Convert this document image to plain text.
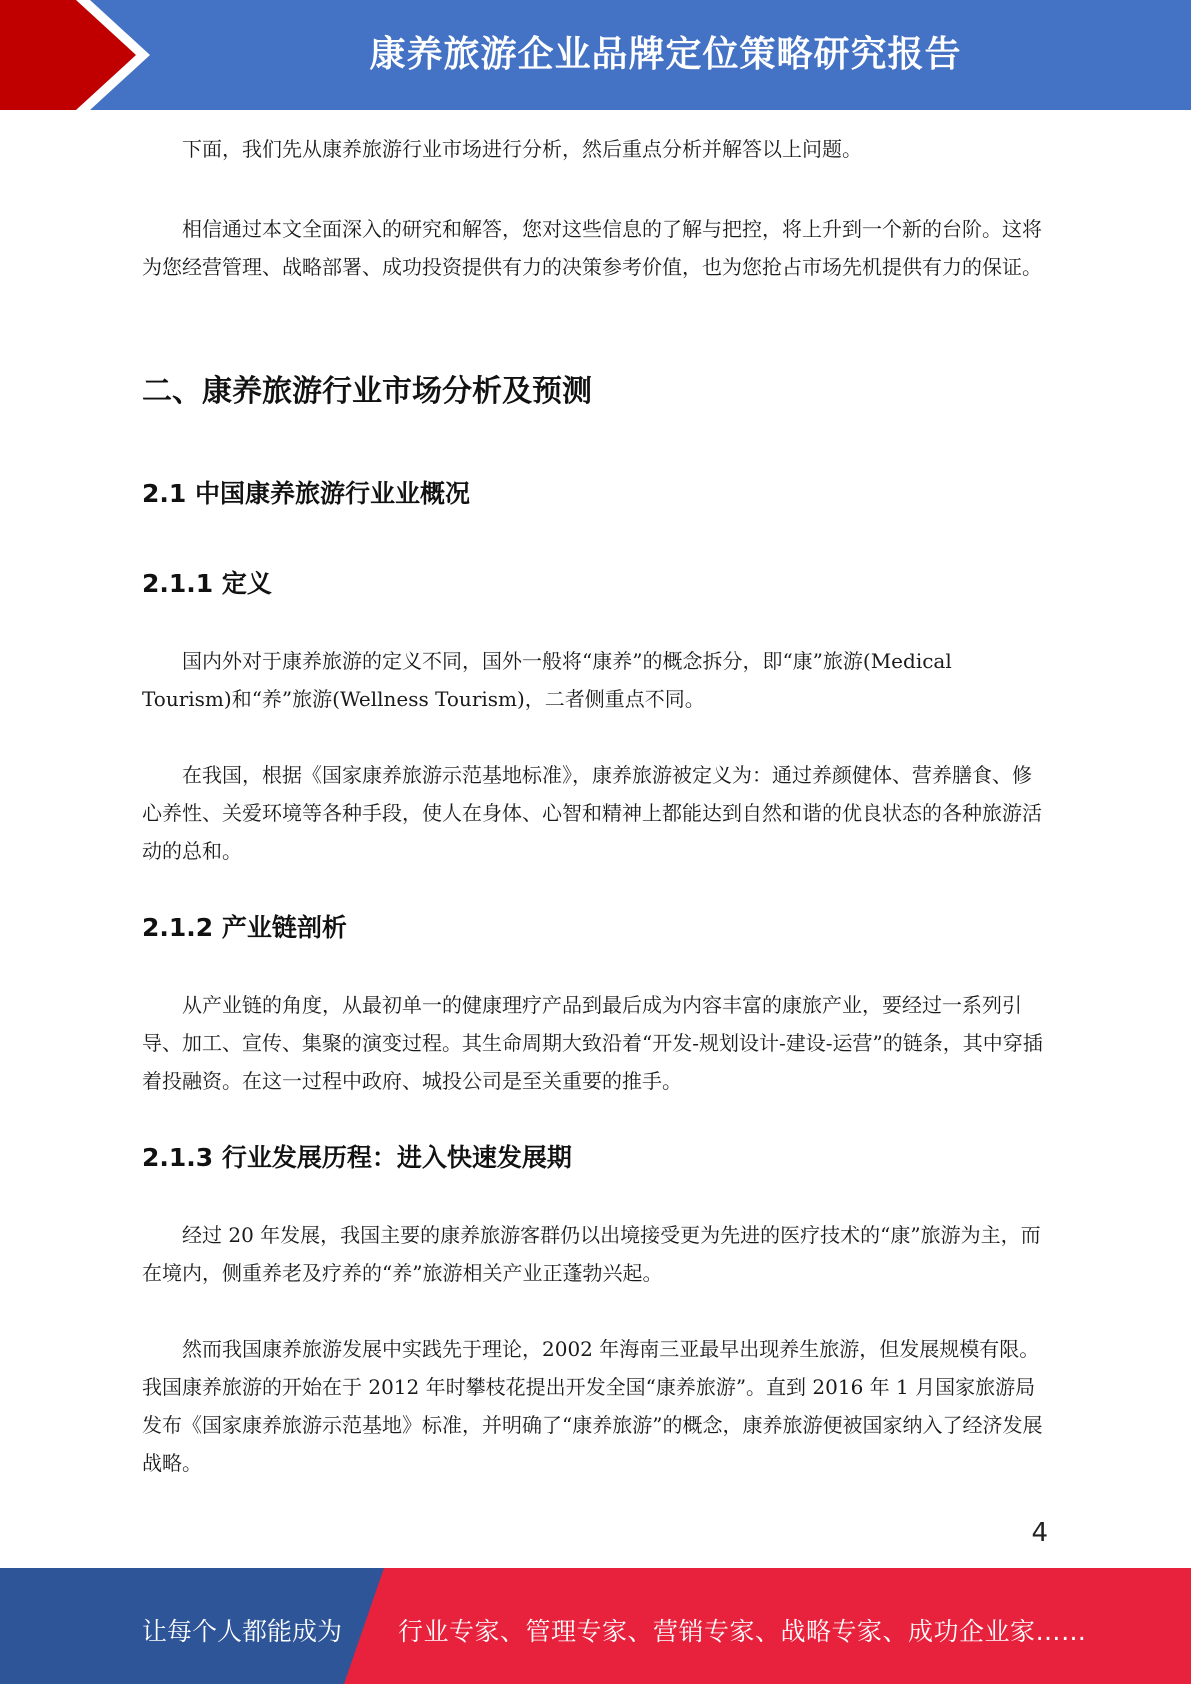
康养旅游企业品牌定位策略研究报告

下面，我们先从康养旅游行业市场进行分析，然后重点分析并解答以上问题。

相信通过本文全面深入的研究和解答，您对这些信息的了解与把控，将上升到一个新的台阶。这将为您经营管理、战略部署、成功投资提供有力的决策参考价值，也为您抢占市场先机提供有力的保证。

二、康养旅游行业市场分析及预测
2.1 中国康养旅游行业业概况
2.1.1 定义

国内外对于康养旅游的定义不同，国外一般将“康养”的概念拆分，即“康”旅游(Medical Tourism)和“养”旅游(Wellness Tourism)，二者侧重点不同。

在我国，根据《国家康养旅游示范基地标准》，康养旅游被定义为：通过养颜健体、营养膳食、修心养性、关爱环境等各种手段，使人在身体、心智和精神上都能达到自然和谐的优良状态的各种旅游活动的总和。

2.1.2 产业链剖析

从产业链的角度，从最初单一的健康理疗产品到最后成为内容丰富的康旅产业，要经过一系列引导、加工、宣传、集聚的演变过程。其生命周期大致沿着“开发-规划设计-建设-运营”的链条，其中穿插着投融资。在这一过程中政府、城投公司是至关重要的推手。

2.1.3 行业发展历程：进入快速发展期

经过 20 年发展，我国主要的康养旅游客群仍以出境接受更为先进的医疗技术的“康”旅游为主，而在境内，侧重养老及疗养的“养”旅游相关产业正蓬勃兴起。

然而我国康养旅游发展中实践先于理论，2002 年海南三亚最早出现养生旅游，但发展规模有限。我国康养旅游的开始在于 2012 年时攀枝花提出开发全国“康养旅游”。直到 2016 年 1 月国家旅游局发布《国家康养旅游示范基地》标准，并明确了“康养旅游”的概念，康养旅游便被国家纳入了经济发展战略。

4
让每个人都能成为 行业专家、管理专家、营销专家、战略专家、成功企业家……
